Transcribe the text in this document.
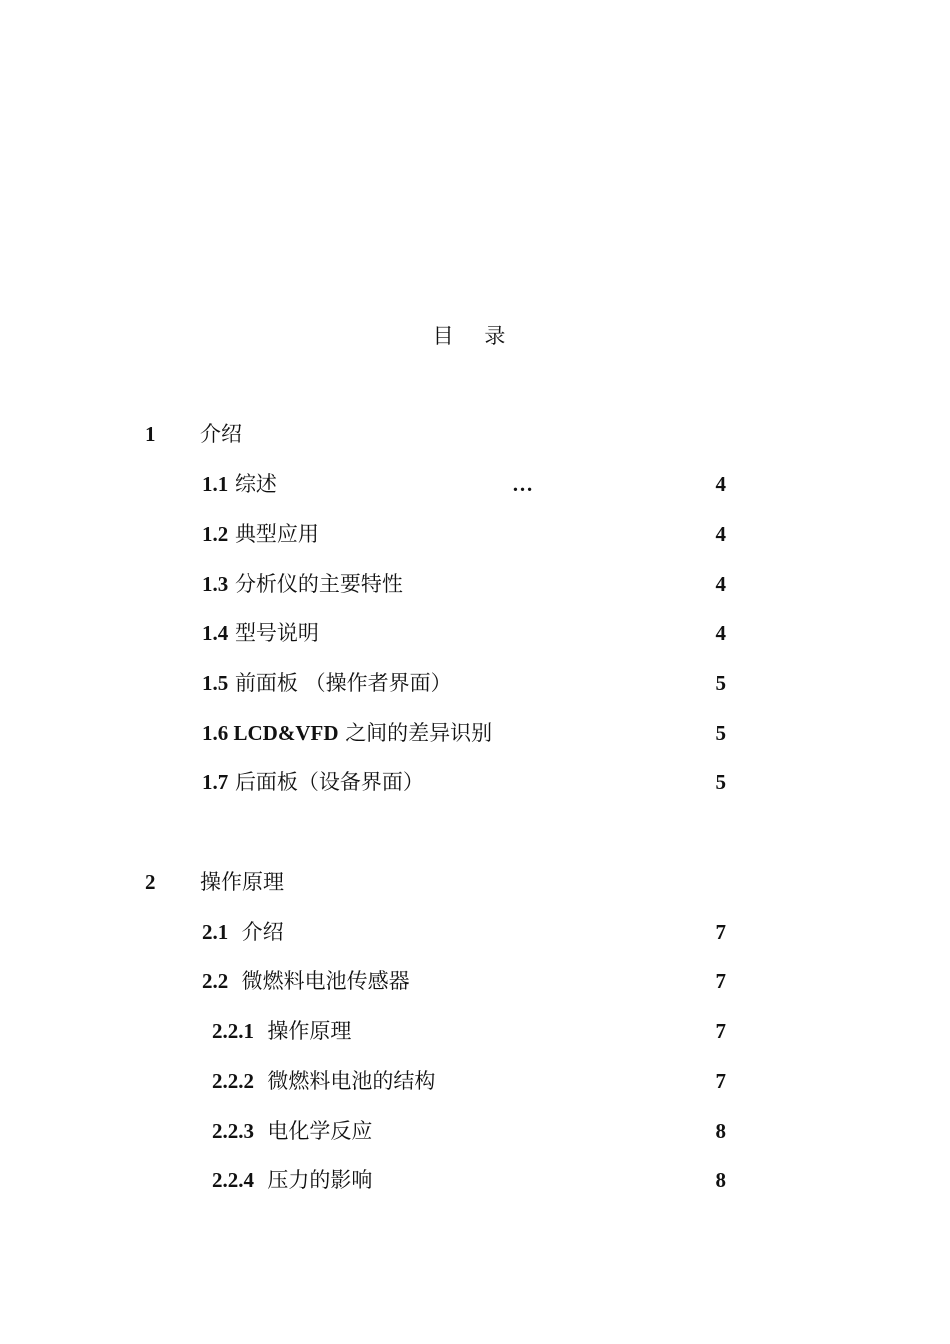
目 录
1 介绍
1.1 综述	…	4
1.2 典型应用	4
1.3 分析仪的主要特性	4
1.4 型号说明	4
1.5 前面板 （操作者界面）	5
1.6 LCD&VFD 之间的差异识别	5
1.7 后面板（设备界面）	5
2 操作原理
2.1 介绍	7
2.2 微燃料电池传感器	7
2.2.1 操作原理	7
2.2.2 微燃料电池的结构	7
2.2.3 电化学反应	8
2.2.4 压力的影响	8
